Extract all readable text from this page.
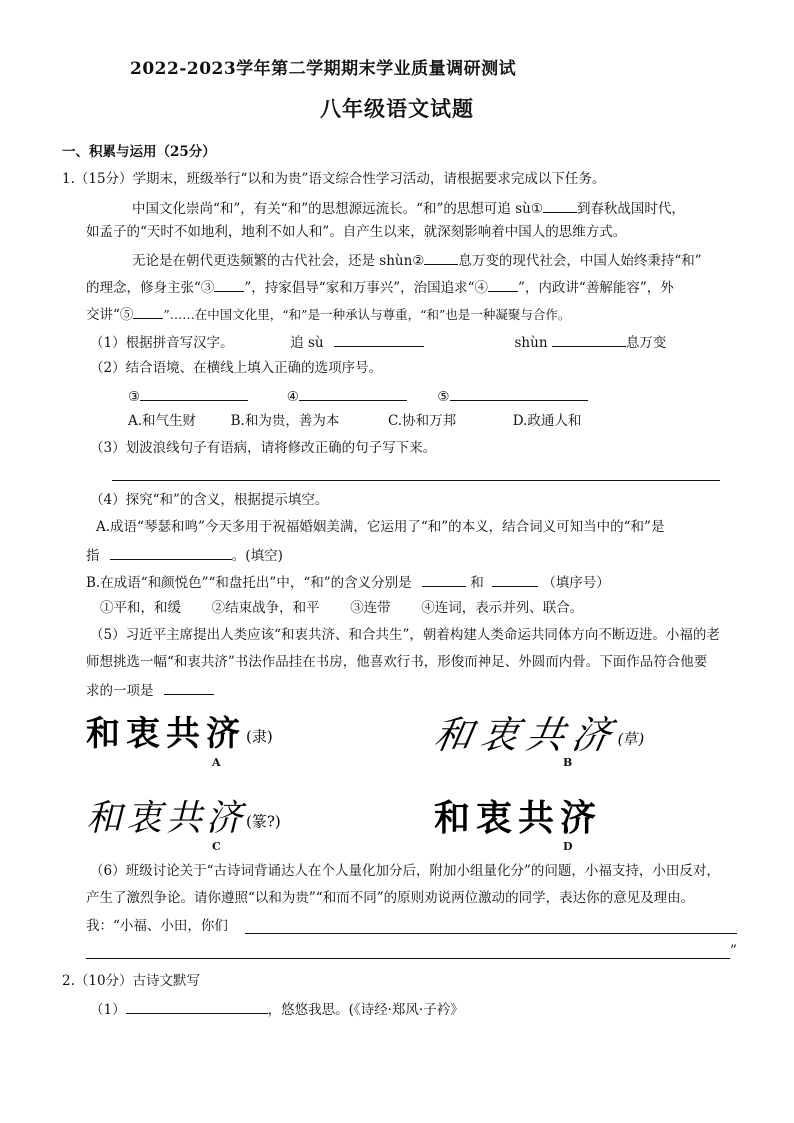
2022-2023学年第二学期期末学业质量调研测试
八年级语文试题
一、积累与运用（25分）
1.（15分）学期末，班级举行“以和为贵”语文综合性学习活动，请根据要求完成以下任务。
中国文化崇尚“和”，有关“和”的思想源远流长。“和”的思想可追 sù①	到春秋战国时代，
如孟子的“天时不如地利，地利不如人和”。自产生以来，就深刻影响着中国人的思维方式。
无论是在朝代更迭频繁的古代社会，还是 shùn②	息万变的现代社会，中国人始终秉持“和”
的理念，修身主张“③ ”，持家倡导“家和万事兴”，治国追求“④ ”，内政讲“善解能容”，外
交讲“⑤ ”……在中国文化里，“和”是一种承认与尊重，“和”也是一种凝聚与合作。
（1）根据拼音写汉字。	追 sù	shùn	息万变
（2）结合语境、在横线上填入正确的选项序号。
③	④	⑤
A.和气生财	B.和为贵，善为本	C.协和万邦	D.政通人和
（3）划波浪线句子有语病，请将修改正确的句子写下来。
（4）探究“和”的含义，根据提示填空。
A.成语“琴瑟和鸣”今天多用于祝福婚姻美满，它运用了“和”的本义，结合词义可知当中的“和”是
指	。(填空)
B.在成语“和颜悦色”“和盘托出”中，“和”的含义分别是	和	（填序号）
①平和，和缓 ②结束战争，和平 ③连带 ④连词，表示并列、联合。
（5）习近平主席提出人类应该“和衷共济、和合共生”，朝着构建人类命运共同体方向不断迈进。小福的老
师想挑选一幅“和衷共济”书法作品挂在书房，他喜欢行书，形俊而神足、外圆而内骨。下面作品符合他要
求的一项是
和衷共济(隶)
A
和衷共济(草)
B
和衷共济(篆?)
C
和衷共济
D
（6）班级讨论关于“古诗词背诵达人在个人量化加分后，附加小组量化分”的问题，小福支持，小田反对，
产生了激烈争论。请你遵照“以和为贵”“和而不同”的原则劝说两位激动的同学，表达你的意见及理由。
我：“小福、小田，你们
”
2.（10分）古诗文默写
（1）	，悠悠我思。(《诗经·郑风·子衿》
